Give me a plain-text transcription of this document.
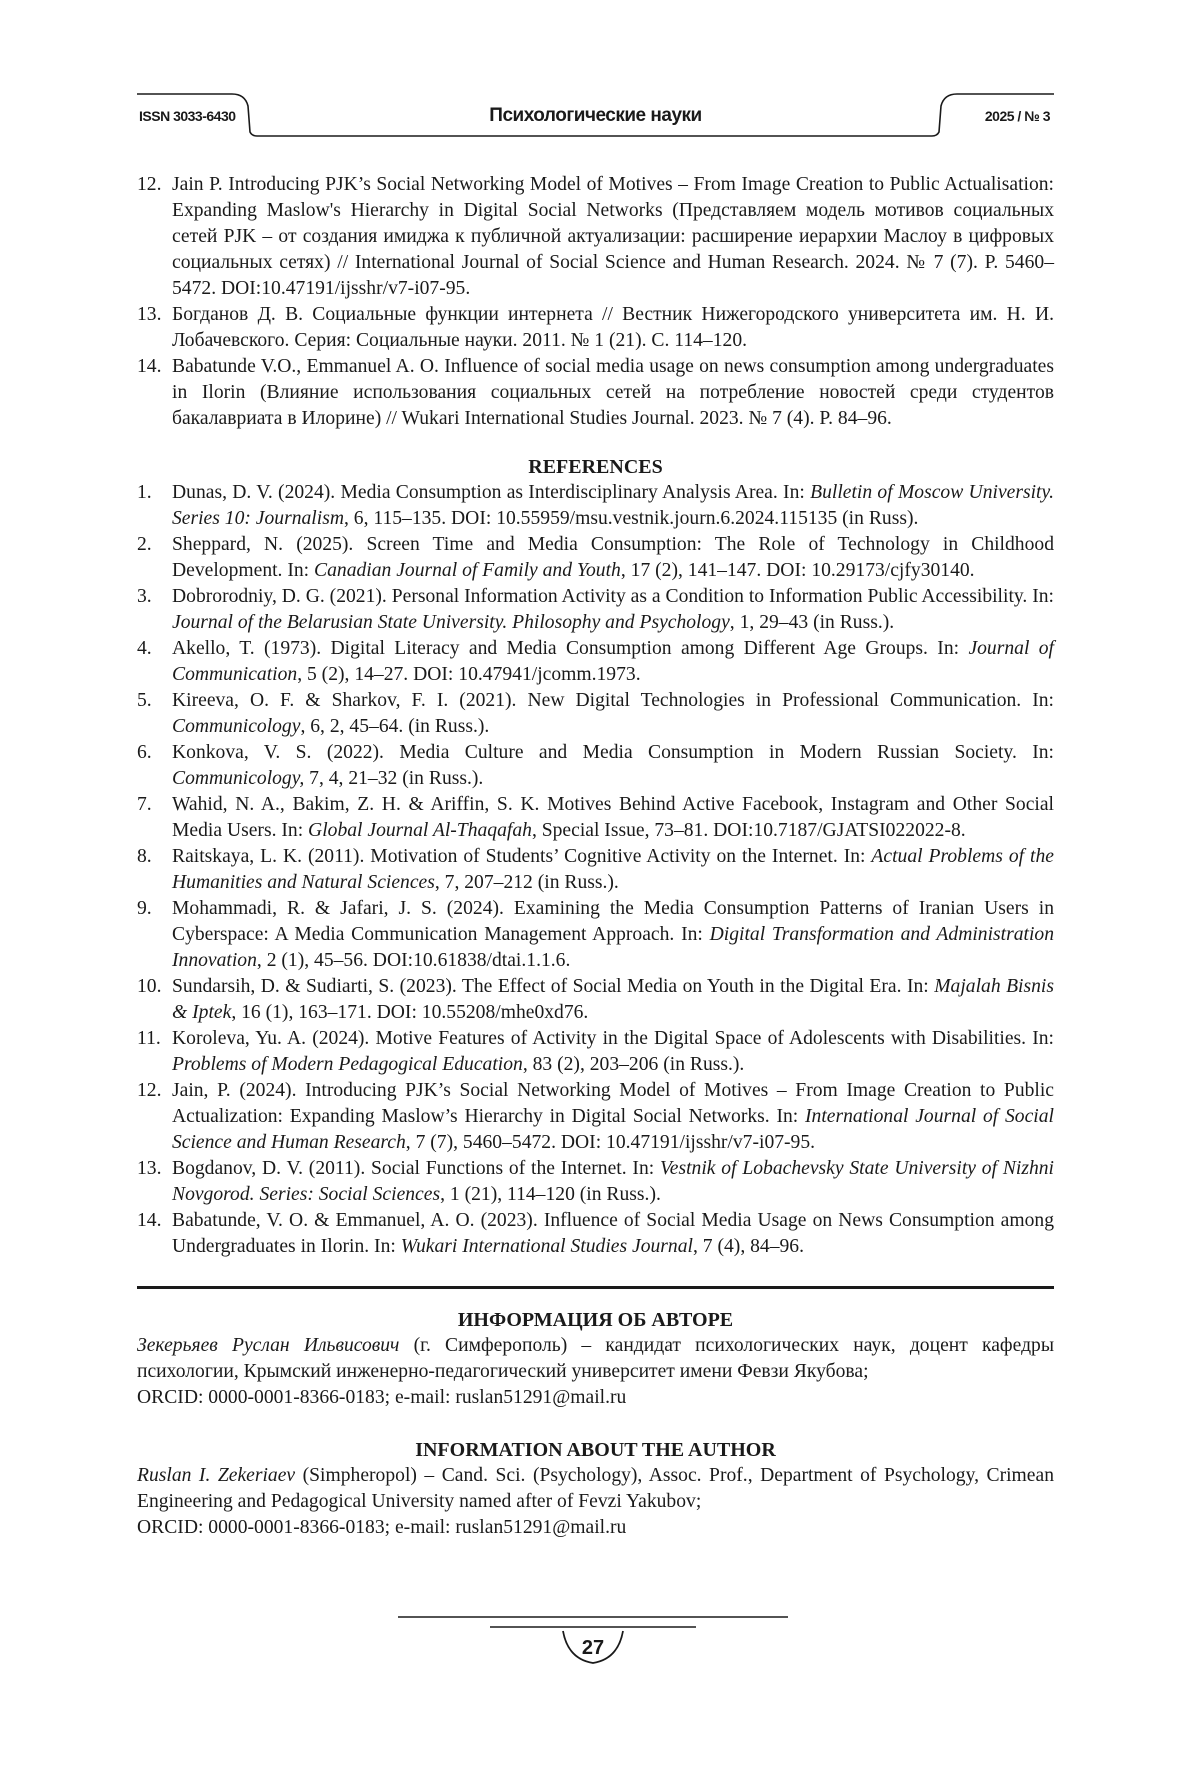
ISSN 3033-6430	Психологические науки	2025 / № 3
12. Jain P. Introducing PJK’s Social Networking Model of Motives – From Image Creation to Public Actualisation: Expanding Maslow's Hierarchy in Digital Social Networks (Представляем модель мотивов социальных сетей PJK – от создания имиджа к публичной актуализации: расширение иерархии Маслоу в цифровых социальных сетях) // International Journal of Social Science and Human Research. 2024. № 7 (7). P. 5460–5472. DOI:10.47191/ijsshr/v7-i07-95.
13. Богданов Д. В. Социальные функции интернета // Вестник Нижегородского университета им. Н. И. Лобачевского. Серия: Социальные науки. 2011. № 1 (21). С. 114–120.
14. Babatunde V.O., Emmanuel A. O. Influence of social media usage on news consumption among undergraduates in Ilorin (Влияние использования социальных сетей на потребление новостей среди студентов бакалавриата в Илорине) // Wukari International Studies Journal. 2023. № 7 (4). P. 84–96.
REFERENCES
1.	Dunas, D. V. (2024). Media Consumption as Interdisciplinary Analysis Area. In: Bulletin of Moscow University. Series 10: Journalism, 6, 115–135. DOI: 10.55959/msu.vestnik.journ.6.2024.115135 (in Russ).
2.	Sheppard, N. (2025). Screen Time and Media Consumption: The Role of Technology in Childhood Development. In: Canadian Journal of Family and Youth, 17 (2), 141–147. DOI: 10.29173/cjfy30140.
3.	Dobrorodniy, D. G. (2021). Personal Information Activity as a Condition to Information Public Accessibility. In: Journal of the Belarusian State University. Philosophy and Psychology, 1, 29–43 (in Russ.).
4.	Akello, T. (1973). Digital Literacy and Media Consumption among Different Age Groups. In: Journal of Communication, 5 (2), 14–27. DOI: 10.47941/jcomm.1973.
5.	Kireeva, O. F. & Sharkov, F. I. (2021). New Digital Technologies in Professional Communication. In: Communicology, 6, 2, 45–64. (in Russ.).
6.	Konkova, V. S. (2022). Media Culture and Media Consumption in Modern Russian Society. In: Communicology, 7, 4, 21–32 (in Russ.).
7.	Wahid, N. A., Bakim, Z. H. & Ariffin, S. K. Motives Behind Active Facebook, Instagram and Other Social Media Users. In: Global Journal Al-Thaqafah, Special Issue, 73–81. DOI:10.7187/GJATSI022022-8.
8.	Raitskaya, L. K. (2011). Motivation of Students’ Cognitive Activity on the Internet. In: Actual Problems of the Humanities and Natural Sciences, 7, 207–212 (in Russ.).
9.	Mohammadi, R. & Jafari, J. S. (2024). Examining the Media Consumption Patterns of Iranian Users in Cyberspace: A Media Communication Management Approach. In: Digital Transformation and Administration Innovation, 2 (1), 45–56. DOI:10.61838/dtai.1.1.6.
10. Sundarsih, D. & Sudiarti, S. (2023). The Effect of Social Media on Youth in the Digital Era. In: Majalah Bisnis & Iptek, 16 (1), 163–171. DOI: 10.55208/mhe0xd76.
11. Koroleva, Yu. A. (2024). Motive Features of Activity in the Digital Space of Adolescents with Disabilities. In: Problems of Modern Pedagogical Education, 83 (2), 203–206 (in Russ.).
12. Jain, P. (2024). Introducing PJK’s Social Networking Model of Motives – From Image Creation to Public Actualization: Expanding Maslow’s Hierarchy in Digital Social Networks. In: International Journal of Social Science and Human Research, 7 (7), 5460–5472. DOI: 10.47191/ijsshr/v7-i07-95.
13. Bogdanov, D. V. (2011). Social Functions of the Internet. In: Vestnik of Lobachevsky State University of Nizhni Novgorod. Series: Social Sciences, 1 (21), 114–120 (in Russ.).
14. Babatunde, V. O. & Emmanuel, A. O. (2023). Influence of Social Media Usage on News Consumption among Undergraduates in Ilorin. In: Wukari International Studies Journal, 7 (4), 84–96.
ИНФОРМАЦИЯ ОБ АВТОРЕ

Зекерьяев Руслан Ильвисович (г. Симферополь) – кандидат психологических наук, доцент кафедры психологии, Крымский инженерно-педагогический университет имени Февзи Якубова;

ORCID: 0000-0001-8366-0183; e-mail: ruslan51291@mail.ru

INFORMATION ABOUT THE AUTHOR

Ruslan I. Zekeriaev (Simpheropol) – Cand. Sci. (Psychology), Assoc. Prof., Department of Psychology, Crimean Engineering and Pedagogical University named after of Fevzi Yakubov;

ORCID: 0000-0001-8366-0183; e-mail: ruslan51291@mail.ru

27
